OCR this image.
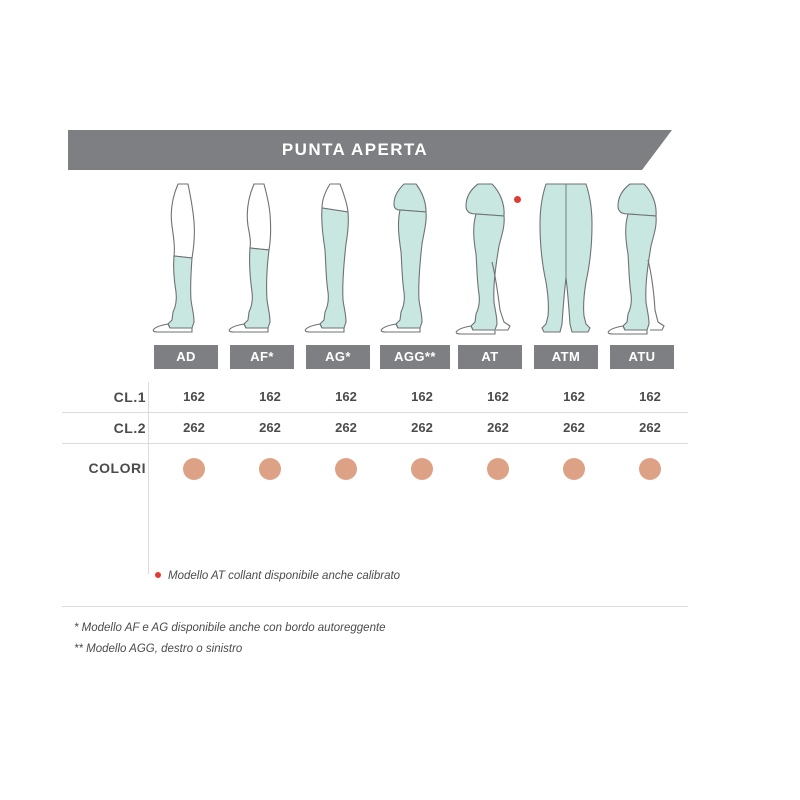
PUNTA APERTA
AD	AF*	AG*	AGG**	AT	ATM	ATU
CL.1	162	162	162	162	162	162	162
CL.2	262	262	262	262	262	262	262
COLORI
Modello AT collant disponibile anche calibrato
* Modello AF e AG disponibile anche con bordo autoreggente
** Modello AGG, destro o sinistro
